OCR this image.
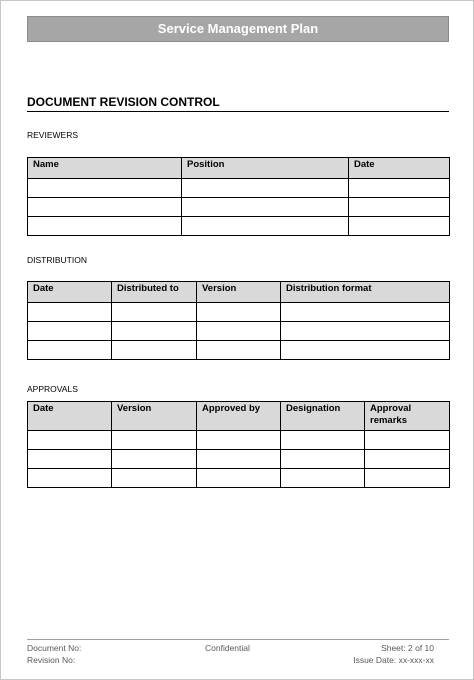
Service Management Plan
DOCUMENT REVISION CONTROL
REVIEWERS
Name	Position	Date

DISTRIBUTION
Date	Distributed to	Version	Distribution format

APPROVALS
Date	Version	Approved by	Designation	Approval remarks

Document No:
Revision No:
Confidential	Sheet: 2 of 10
Issue Date: xx-xxx-xx
